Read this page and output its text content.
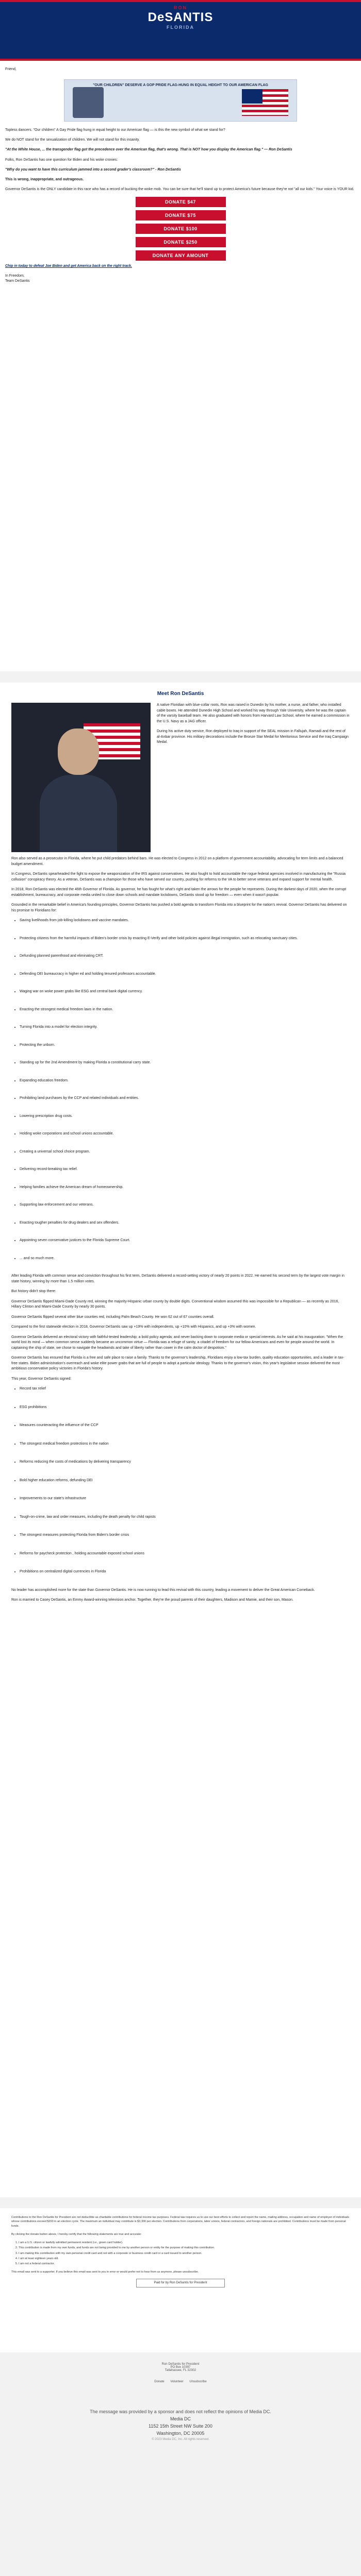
RON
DeSANTIS
FLORIDA

Friend,

"OUR CHILDREN" DESERVE A GOP PRIDE FLAG-HUNG IN EQUAL HEIGHT TO OUR AMERICAN FLAG

Topless dancers. "Our children" A Gay Pride flag hung in equal height to our American flag — is this the new symbol of what we stand for?

We do NOT stand for the sexualization of children. We will not stand for this insanity.

"At the White House, ... the transgender flag got the precedence over the American flag, that's wrong. That is NOT how you display the American flag." — Ron DeSantis

Folks, Ron DeSantis has one question for Biden and his woke cronies:

"Why do you want to have this curriculum jammed into a second grader's classroom?" - Ron DeSantis

This is wrong, inappropriate, and outrageous.

Governor DeSantis is the ONLY candidate in this race who has a record of bucking the woke mob. You can be sure that he'll stand up to protect America's future because they're not "all our kids." Your voice is YOUR kid.

DONATE $47
DONATE $75
DONATE $100
DONATE $250
DONATE ANY AMOUNT

Chip in today to defeat Joe Biden and get America back on the right track.

In Freedom,

Team DeSantis

Meet Ron DeSantis

A native Floridian with blue-collar roots, Ron was raised in Dunedin by his mother, a nurse, and father, who installed cable boxes. He attended Dunedin High School and worked his way through Yale University, where he was the captain of the varsity baseball team. He also graduated with honors from Harvard Law School, where he earned a commission in the U.S. Navy as a JAG officer.

During his active duty service, Ron deployed to Iraq in support of the SEAL mission in Fallujah, Ramadi and the rest of al-Anbar province. His military decorations include the Bronze Star Medal for Meritorious Service and the Iraq Campaign Medal.

Ron also served as a prosecutor in Florida, where he put child predators behind bars. He was elected to Congress in 2012 on a platform of government accountability, advocating for term limits and a balanced budget amendment.

In Congress, DeSantis spearheaded the fight to expose the weaponization of the IRS against conservatives. He also fought to hold accountable the rogue federal agencies involved in manufacturing the "Russia collusion" conspiracy theory. As a veteran, DeSantis was a champion for those who have served our country, pushing for reforms to the VA to better serve veterans and expand support for mental health.

In 2018, Ron DeSantis was elected the 46th Governor of Florida. As governor, he has fought for what's right and taken the arrows for the people he represents. During the darkest days of 2020, when the corrupt establishment, bureaucracy, and corporate media united to close down schools and mandate lockdowns, DeSantis stood up for freedom — even when it wasn't popular.

Grounded in the remarkable belief in America's founding principles, Governor DeSantis has pushed a bold agenda to transform Florida into a blueprint for the nation's revival. Governor DeSantis has delivered on his promise to Floridians for:

• Saving livelihoods from job-killing lockdowns and vaccine mandates.
• Protecting citizens from the harmful impacts of Biden's border crisis by enacting E-Verify and other bold policies against illegal immigration, such as relocating sanctuary cities.
• Defunding planned parenthood and eliminating CRT.
• Defending DEI bureaucracy in higher ed and holding tenured professors accountable.
• Waging war on woke power grabs like ESG and central bank digital currency.
• Enacting the strongest medical freedom laws in the nation.
• Turning Florida into a model for election integrity.
• Protecting the unborn.
• Standing up for the 2nd Amendment by making Florida a constitutional carry state.
• Expanding education freedom.
• Prohibiting land purchases by the CCP and related individuals and entities.
• Lowering prescription drug costs.
• Holding woke corporations and school unions accountable.
• Creating a universal school choice program.
• Delivering record-breaking tax relief.
• Helping families achieve the American dream of homeownership.
• Supporting law enforcement and our veterans.
• Enacting tougher penalties for drug dealers and sex offenders.
• Appointing seven conservative justices to the Florida Supreme Court.
• ... and so much more.

After leading Florida with common sense and conviction throughout his first term, DeSantis delivered a record-setting victory of nearly 20 points in 2022. He earned his second term by the largest vote margin in state history, winning by more than 1.5 million votes.

But history didn't stop there:

Governor DeSantis flipped Miami-Dade County red, winning the majority-Hispanic urban county by double digits. Conventional wisdom assumed this was impossible for a Republican — as recently as 2016, Hillary Clinton and Miami-Dade County by nearly 30 points.

Governor DeSantis flipped several other blue counties red, including Palm Beach County. He won 62 out of 67 counties overall.

Compared to the first statewide election in 2018, Governor DeSantis saw up +19% with independents, up +10% with Hispanics, and up +3% with women.

Governor DeSantis delivered an electoral victory with faithful-tested leadership; a bold policy agenda; and never backing down to corporate media or special interests. As he said at his inauguration: "When the world lost its mind — when common sense suddenly became an uncommon virtue — Florida was a refuge of sanity, a citadel of freedom for our fellow Americans and even for people around the world. In captaining the ship of state, we chose to navigate the headwinds and take of liberty rather than cower in the calm doctor of despotism."

Governor DeSantis has ensured that Florida is a free and safe place to raise a family. Thanks to the governor's leadership, Floridians enjoy a low-tax burden, quality education opportunities, and a leader in tax-free states. Biden administration's overreach and woke elite power grabs that are full of people to adopt a particular ideology. Thanks to the governor's vision, this year's legislative session delivered the most ambitious conservative policy victories in Florida's history.

This year, Governor DeSantis signed:

• Record tax relief
• ESG prohibitions
• Measures counteracting the influence of the CCP
• The strongest medical freedom protections in the nation
• Reforms reducing the costs of medications by delivering transparency
• Bold higher education reforms, defunding DEI
• Improvements to our state's infrastructure
• Tough-on-crime, law and order measures, including the death penalty for child rapists
• The strongest measures protecting Florida from Biden's border crisis
• Reforms for paycheck protection , holding accountable exposed school unions
• Prohibitions on centralized digital currencies in Florida

No leader has accomplished more for the state than Governor DeSantis. He is now running to lead this revival with this country, leading a movement to deliver the Great American Comeback.

Ron is married to Casey DeSantis, an Emmy Award-winning television anchor. Together, they're the proud parents of their daughters, Madison and Mamie, and their son, Mason.

Contributions to the Ron DeSantis for President are not deductible as charitable contributions for federal income tax purposes. Federal law requires us to use our best efforts to collect and report the name, mailing address, occupation and name of employer of individuals whose contributions exceed $200 in an election cycle. The maximum an individual may contribute is $3,300 per election. Contributions from corporations, labor unions, federal contractors, and foreign nationals are prohibited. Contributions must be made from personal funds.

By clicking the donate button above, I hereby certify that the following statements are true and accurate:

1. I am a U.S. citizen or lawfully admitted permanent resident (i.e., green card holder).
2. This contribution is made from my own funds, and funds are not being provided to me by another person or entity for the purpose of making this contribution.
3. I am making this contribution with my own personal credit card and not with a corporate or business credit card or a card issued to another person.
4. I am at least eighteen years old.
5. I am not a federal contractor.

This email was sent to a supporter. If you believe this email was sent to you in error or would prefer not to hear from us anymore, please unsubscribe.

Paid for by Ron DeSantis for President
Ron DeSantis for President
PO Box 10397
Tallahassee, FL 32302
Donate Volunteer Unsubscribe
The message was provided by a sponsor and does not reflect the opinions of Media DC.
Media DC
1152 15th Street NW Suite 200
Washington, DC 20005
© 2023 Media DC, Inc. All rights reserved.
